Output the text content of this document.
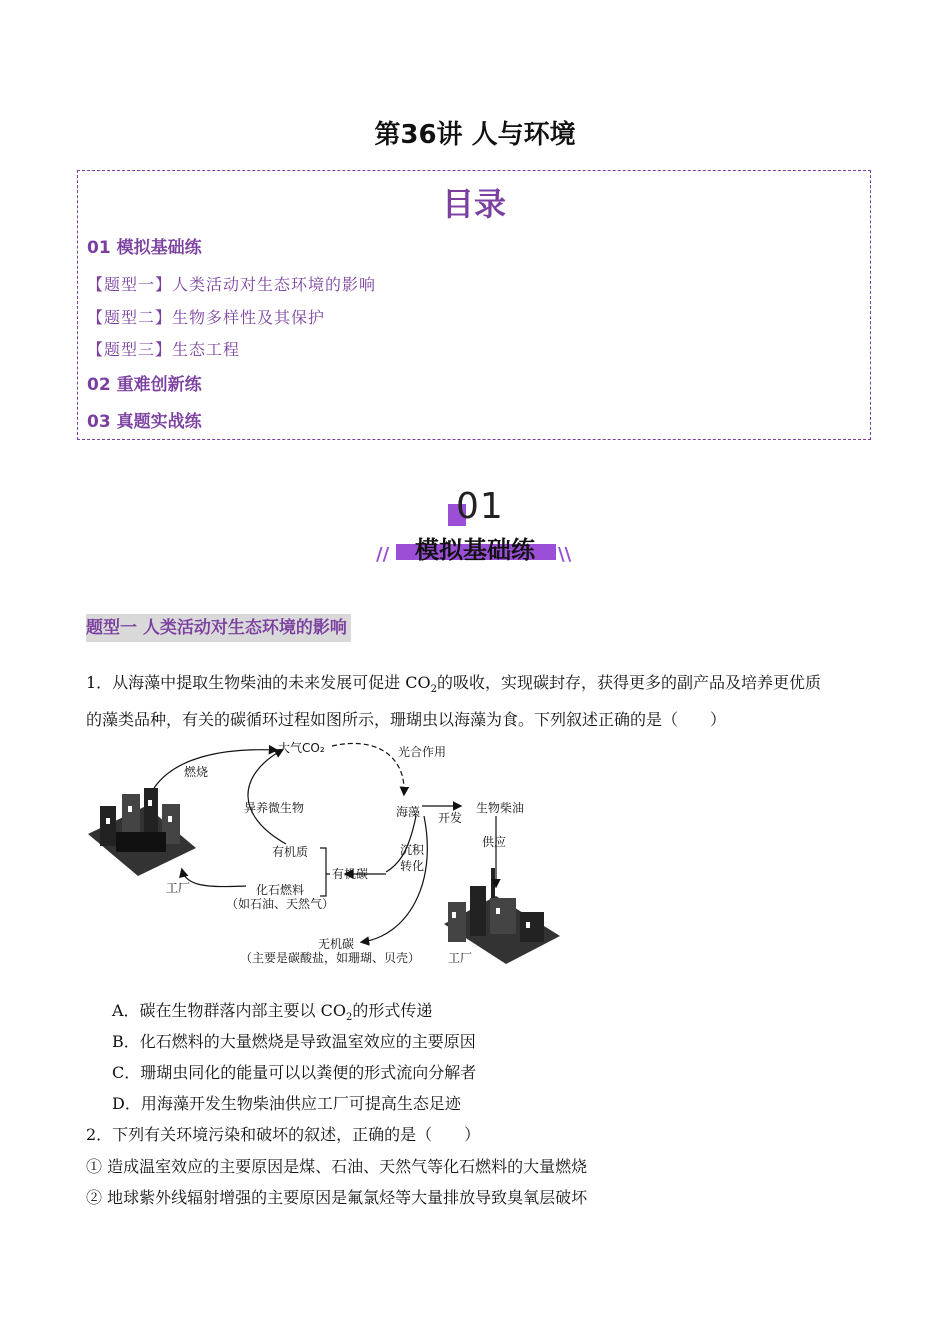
第36讲 人与环境
目录
01 模拟基础练
【题型一】人类活动对生态环境的影响
【题型二】生物多样性及其保护
【题型三】生态工程
02 重难创新练
03 真题实战练
01
模拟基础练
//	\\
题型一 人类活动对生态环境的影响
1．从海藻中提取生物柴油的未来发展可促进 $CO_2$的吸收，实现碳封存，获得更多的副产品及培养更优质
的藻类品种，有关的碳循环过程如图所示，珊瑚虫以海藻为食。下列叙述正确的是（　　）
大气CO₂
燃烧
光合作用
异养微生物	海藻 开发
生物柴油
供应
有机质
有机碳
沉积
转化
工厂	化石燃料
（如石油、天然气）
无机碳
（主要是碳酸盐，如珊瑚、贝壳） 工厂
A．碳在生物群落内部主要以 $CO_2$的形式传递
B．化石燃料的大量燃烧是导致温室效应的主要原因
C．珊瑚虫同化的能量可以以粪便的形式流向分解者
D．用海藻开发生物柴油供应工厂可提高生态足迹
2．下列有关环境污染和破坏的叙述，正确的是（　　）
① 造成温室效应的主要原因是煤、石油、天然气等化石燃料的大量燃烧
② 地球紫外线辐射增强的主要原因是氟氯烃等大量排放导致臭氧层破坏
